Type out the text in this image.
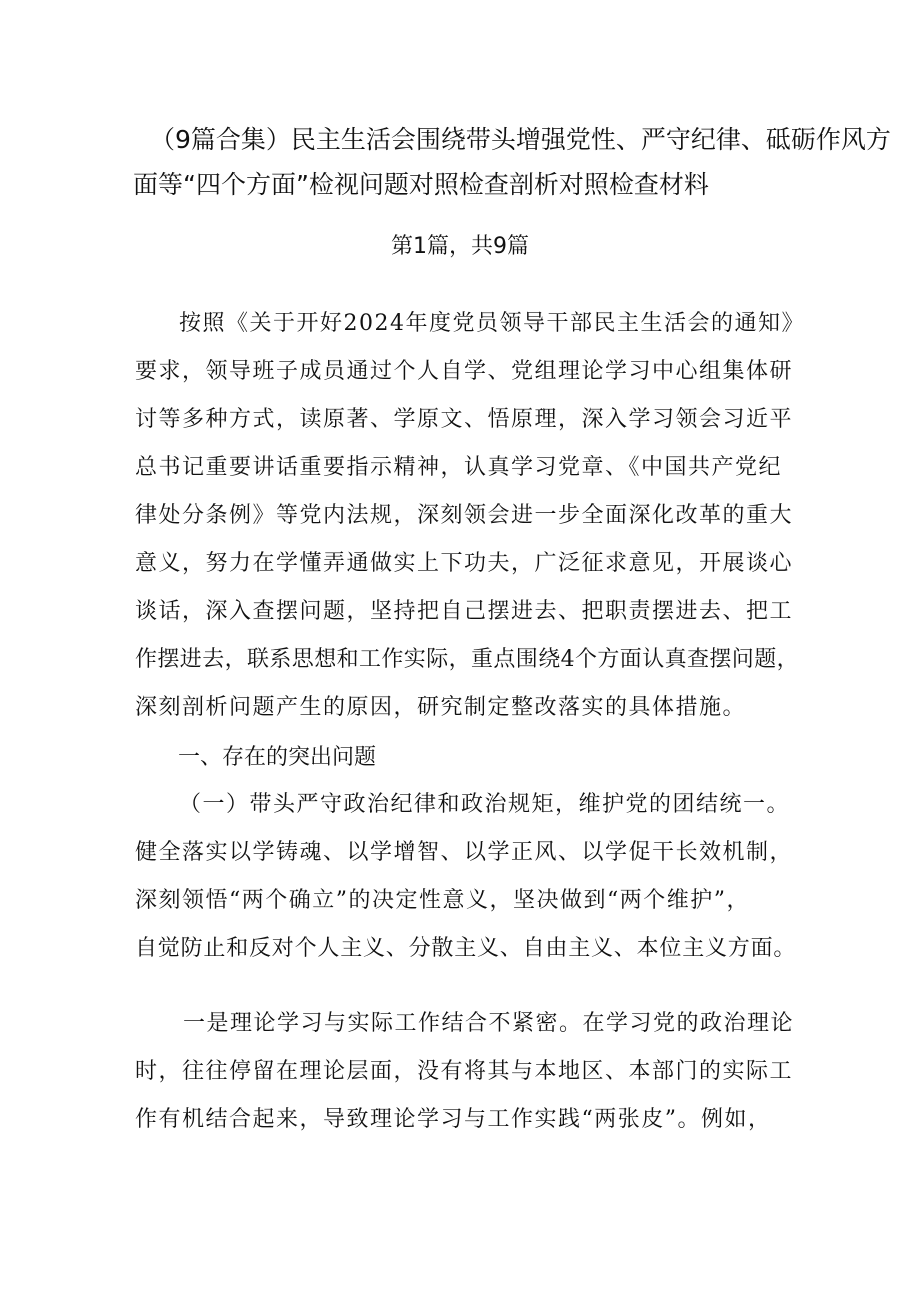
（9篇合集）民主生活会围绕带头增强党性、严守纪律、砥砺作风方
面等“四个方面”检视问题对照检查剖析对照检查材料
第1篇，共9篇
按照《关于开好2024年度党员领导干部民主生活会的通知》
要求，领导班子成员通过个人自学、党组理论学习中心组集体研
讨等多种方式，读原著、学原文、悟原理，深入学习领会习近平
总书记重要讲话重要指示精神，认真学习党章、《中国共产党纪
律处分条例》等党内法规，深刻领会进一步全面深化改革的重大
意义，努力在学懂弄通做实上下功夫，广泛征求意见，开展谈心
谈话，深入查摆问题，坚持把自己摆进去、把职责摆进去、把工
作摆进去，联系思想和工作实际，重点围绕4个方面认真查摆问题，
深刻剖析问题产生的原因，研究制定整改落实的具体措施。
一、存在的突出问题
（一）带头严守政治纪律和政治规矩，维护党的团结统一。
健全落实以学铸魂、以学增智、以学正风、以学促干长效机制，
深刻领悟“两个确立”的决定性意义，坚决做到“两个维护”，
自觉防止和反对个人主义、分散主义、自由主义、本位主义方面。
一是理论学习与实际工作结合不紧密。在学习党的政治理论
时，往往停留在理论层面，没有将其与本地区、本部门的实际工
作有机结合起来，导致理论学习与工作实践“两张皮”。例如，
